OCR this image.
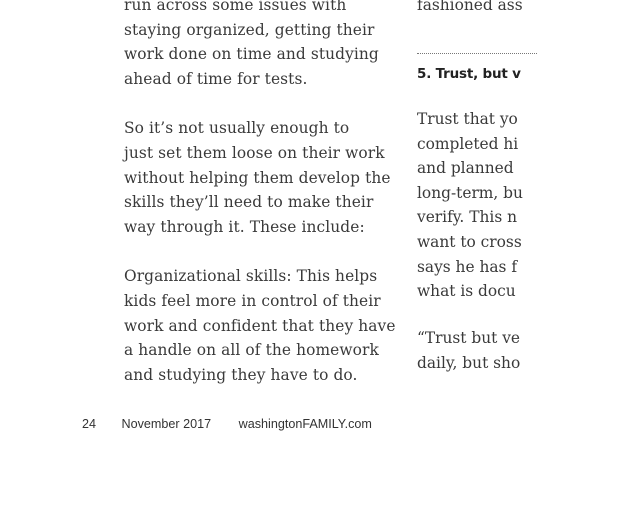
run across some issues with
staying organized, getting their
work done on time and studying
ahead of time for tests.

So it’s not usually enough to
just set them loose on their work
without helping them develop the
skills they’ll need to make their
way through it. These include:

Organizational skills: This helps
kids feel more in control of their
work and confident that they have
a handle on all of the homework
and studying they have to do.

fashioned ass
5. Trust, but v
Trust that yo
completed hi
and planned
long-term, bu
verify. This n
want to cross
says he has f
what is docu
“Trust but ve
daily, but sho
24 November 2017 washingtonFAMILY.com
